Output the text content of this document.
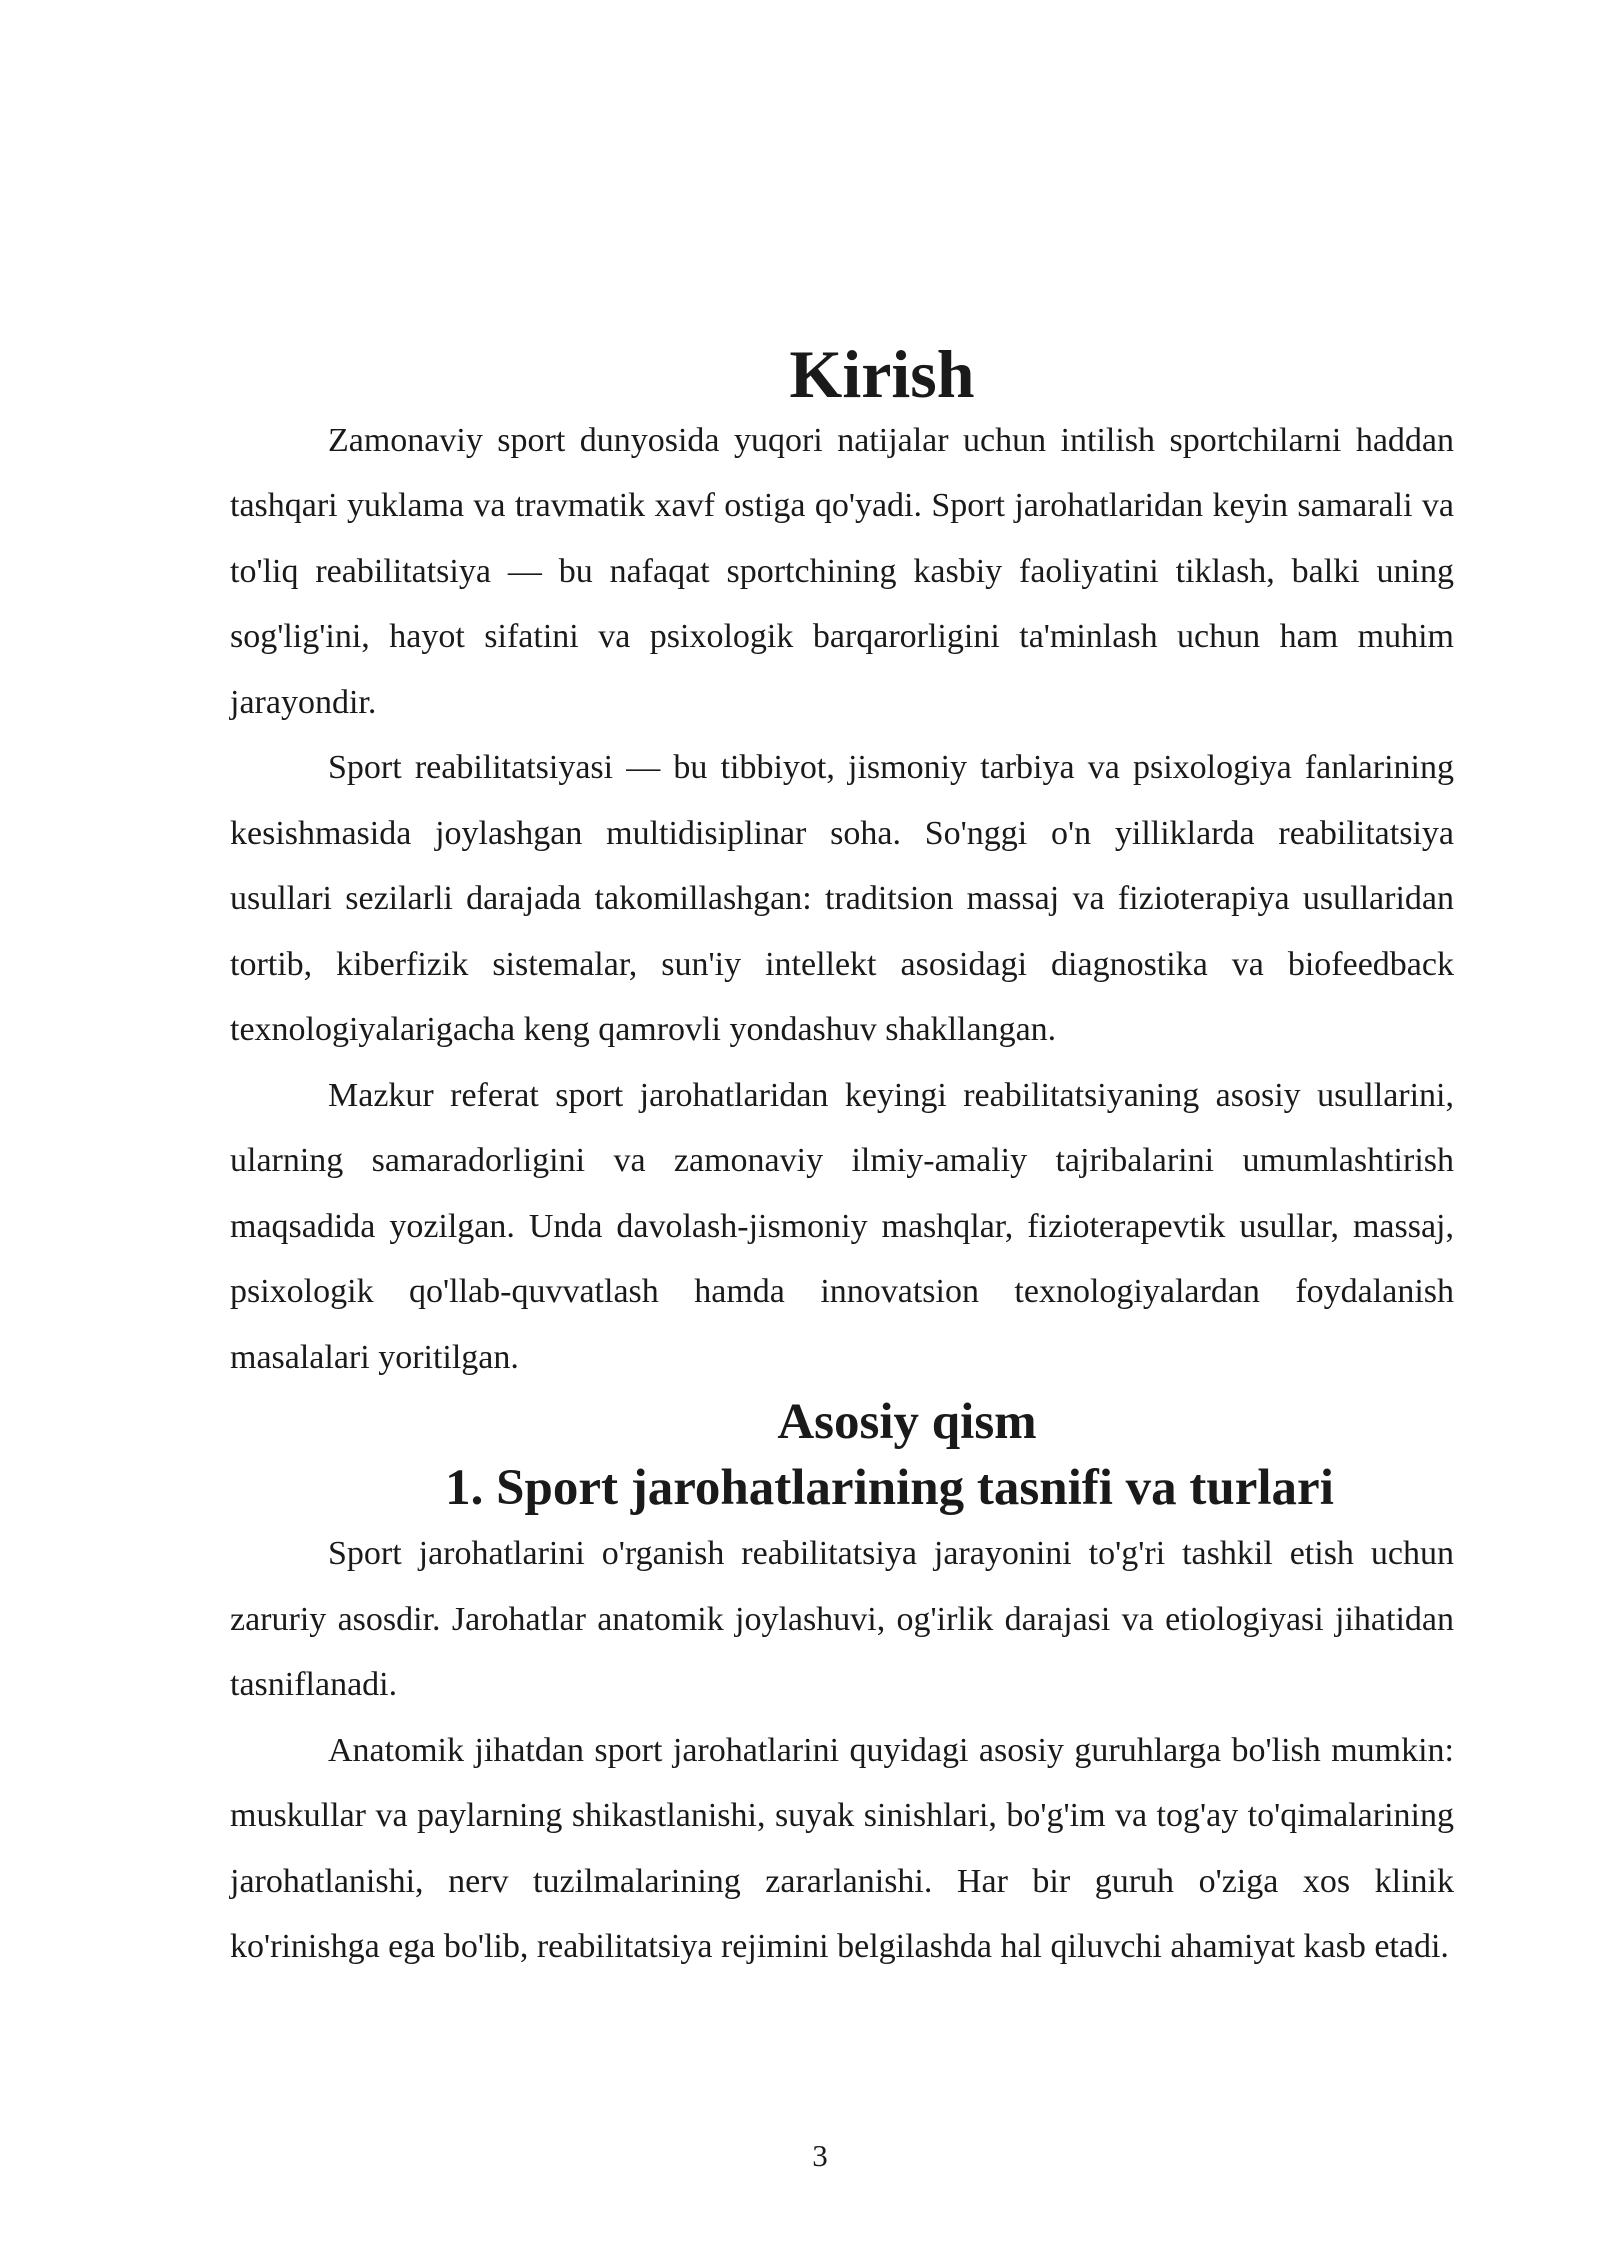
Kirish

Zamonaviy sport dunyosida yuqori natijalar uchun intilish sportchilarni haddan tashqari yuklama va travmatik xavf ostiga qo'yadi. Sport jarohatlaridan keyin samarali va to'liq reabilitatsiya — bu nafaqat sportchining kasbiy faoliyatini tiklash, balki uning sog'lig'ini, hayot sifatini va psixologik barqarorligini ta'minlash uchun ham muhim jarayondir.

Sport reabilitatsiyasi — bu tibbiyot, jismoniy tarbiya va psixologiya fanlarining kesishmasida joylashgan multidisiplinar soha. So'nggi o'n yilliklarda reabilitatsiya usullari sezilarli darajada takomillashgan: traditsion massaj va fizioterapiya usullaridan tortib, kiberfizik sistemalar, sun'iy intellekt asosidagi diagnostika va biofeedback texnologiyalarigacha keng qamrovli yondashuv shakllangan.

Mazkur referat sport jarohatlaridan keyingi reabilitatsiyaning asosiy usullarini, ularning samaradorligini va zamonaviy ilmiy-amaliy tajribalarini umumlashtirish maqsadida yozilgan. Unda davolash-jismoniy mashqlar, fizioterapevtik usullar, massaj, psixologik qo'llab-quvvatlash hamda innovatsion texnologiyalardan foydalanish masalalari yoritilgan.

Asosiy qism
1. Sport jarohatlarining tasnifi va turlari

Sport jarohatlarini o'rganish reabilitatsiya jarayonini to'g'ri tashkil etish uchun zaruriy asosdir. Jarohatlar anatomik joylashuvi, og'irlik darajasi va etiologiyasi jihatidan tasniflanadi.

Anatomik jihatdan sport jarohatlarini quyidagi asosiy guruhlarga bo'lish mumkin: muskullar va paylarning shikastlanishi, suyak sinishlari, bo'g'im va tog'ay to'qimalarining jarohatlanishi, nerv tuzilmalarining zararlanishi. Har bir guruh o'ziga xos klinik ko'rinishga ega bo'lib, reabilitatsiya rejimini belgilashda hal qiluvchi ahamiyat kasb etadi.

3
